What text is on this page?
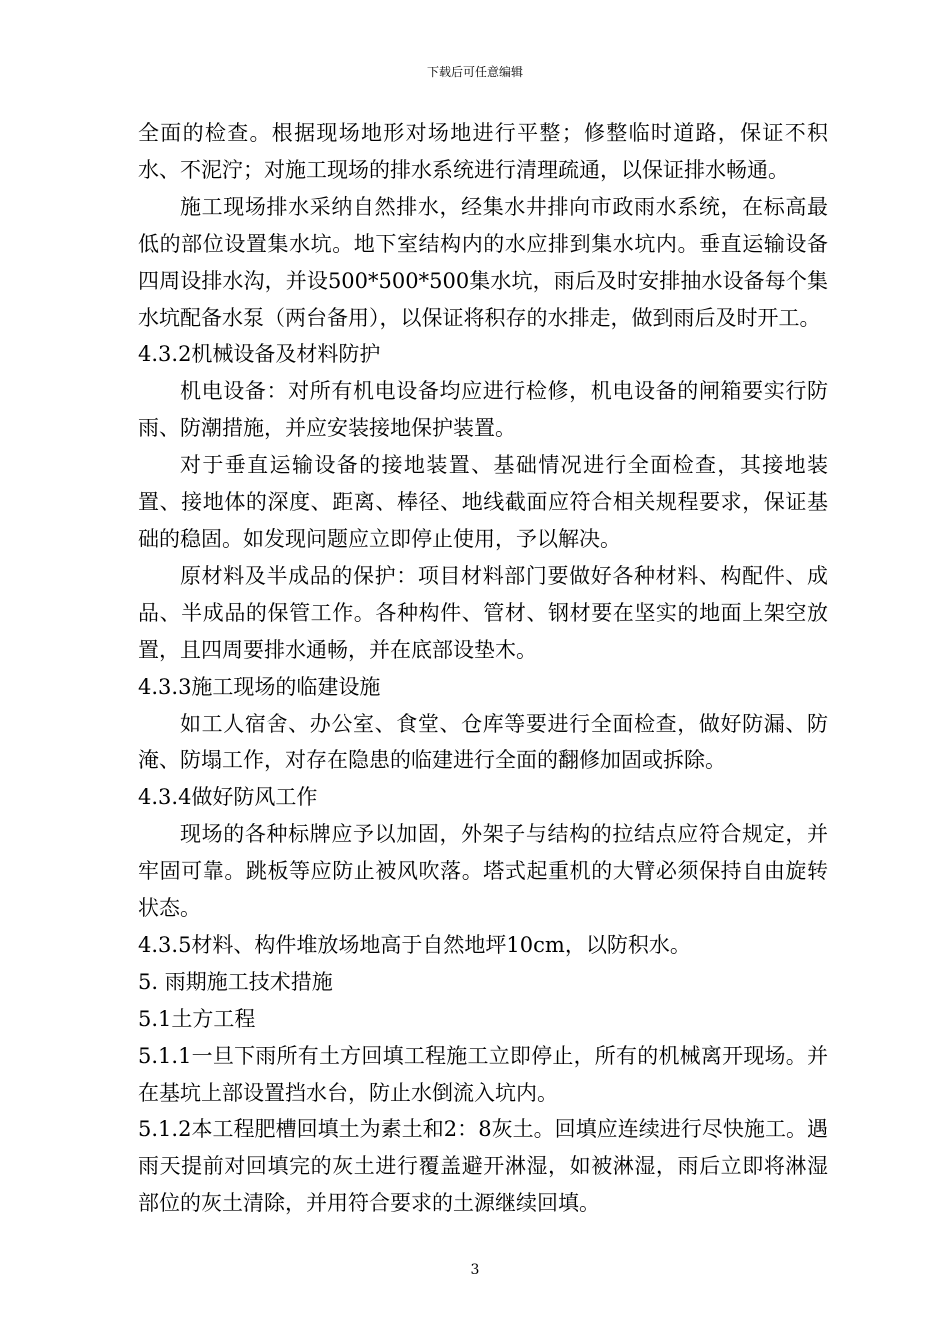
下载后可任意编辑

全面的检查。根据现场地形对场地进行平整；修整临时道路，保证不积水、不泥泞；对施工现场的排水系统进行清理疏通，以保证排水畅通。

施工现场排水采纳自然排水，经集水井排向市政雨水系统，在标高最低的部位设置集水坑。地下室结构内的水应排到集水坑内。垂直运输设备四周设排水沟，并设500*500*500集水坑，雨后及时安排抽水设备每个集水坑配备水泵（两台备用），以保证将积存的水排走，做到雨后及时开工。

4.3.2机械设备及材料防护

机电设备：对所有机电设备均应进行检修，机电设备的闸箱要实行防雨、防潮措施，并应安装接地保护装置。

对于垂直运输设备的接地装置、基础情况进行全面检查，其接地装置、接地体的深度、距离、棒径、地线截面应符合相关规程要求，保证基础的稳固。如发现问题应立即停止使用，予以解决。

原材料及半成品的保护：项目材料部门要做好各种材料、构配件、成品、半成品的保管工作。各种构件、管材、钢材要在坚实的地面上架空放置，且四周要排水通畅，并在底部设垫木。

4.3.3施工现场的临建设施

如工人宿舍、办公室、食堂、仓库等要进行全面检查，做好防漏、防淹、防塌工作，对存在隐患的临建进行全面的翻修加固或拆除。

4.3.4做好防风工作

现场的各种标牌应予以加固，外架子与结构的拉结点应符合规定，并牢固可靠。跳板等应防止被风吹落。塔式起重机的大臂必须保持自由旋转状态。

4.3.5材料、构件堆放场地高于自然地坪10cm，以防积水。

5. 雨期施工技术措施

5.1土方工程

5.1.1一旦下雨所有土方回填工程施工立即停止，所有的机械离开现场。并在基坑上部设置挡水台，防止水倒流入坑内。

5.1.2本工程肥槽回填土为素土和2：8灰土。回填应连续进行尽快施工。遇雨天提前对回填完的灰土进行覆盖避开淋湿，如被淋湿，雨后立即将淋湿部位的灰土清除，并用符合要求的土源继续回填。

3
